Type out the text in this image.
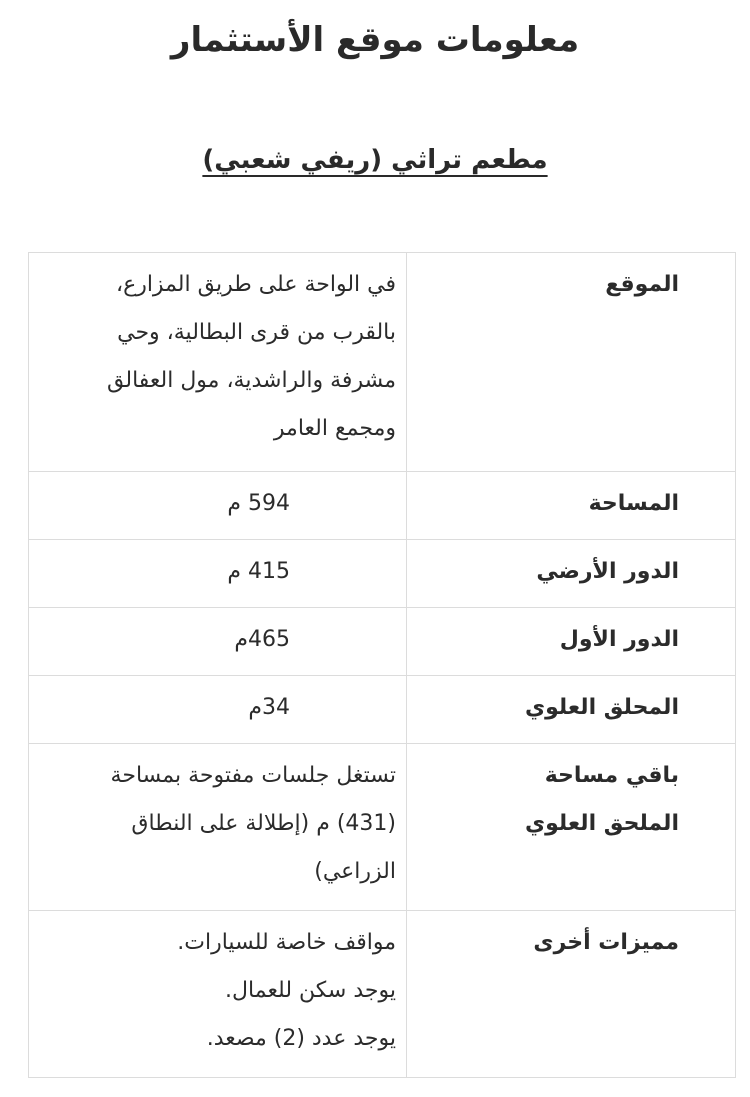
معلومات موقع الأستثمار
مطعم تراثي (ريفي شعبي)
الموقع	في الواحة على طريق المزارع،
بالقرب من قرى البطالية، وحي
مشرفة والراشدية، مول العفالق
ومجمع العامر

المساحة	594 م

الدور الأرضي	415 م

الدور الأول	465م

المحلق العلوي	34م

باقي مساحة
الملحق العلوي	تستغل جلسات مفتوحة بمساحة
(431) م (إطلالة على النطاق
الزراعي)

مميزات أخرى	مواقف خاصة للسيارات.
يوجد سكن للعمال.
يوجد عدد (2) مصعد.
